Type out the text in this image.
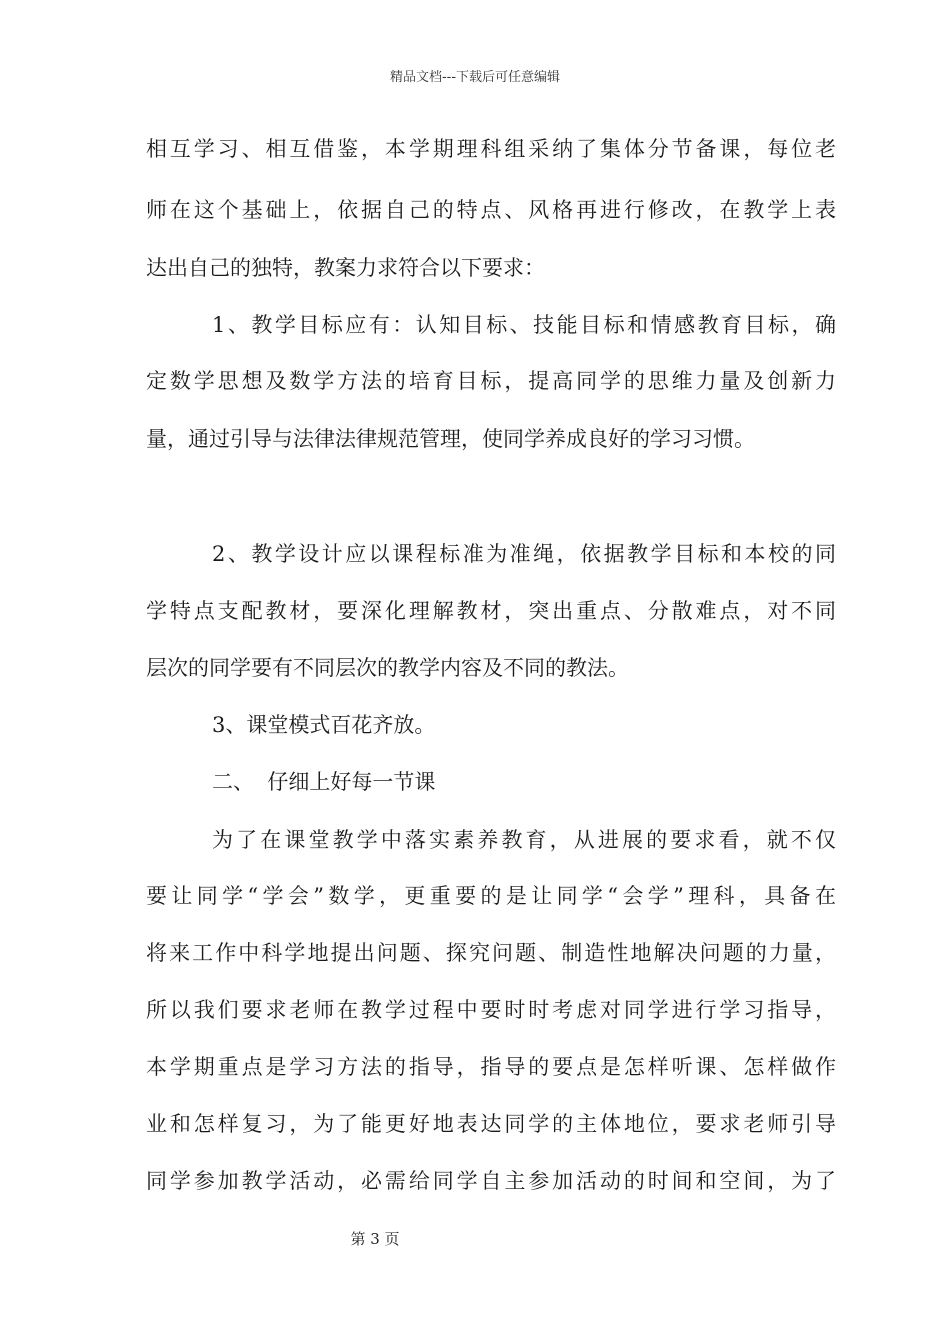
精品文档---下载后可任意编辑
相互学习、相互借鉴，本学期理科组采纳了集体分节备课，每位老
师在这个基础上，依据自己的特点、风格再进行修改，在教学上表
达出自己的独特，教案力求符合以下要求：
1、教学目标应有：认知目标、技能目标和情感教育目标，确
定数学思想及数学方法的培育目标，提高同学的思维力量及创新力
量，通过引导与法律法律规范管理，使同学养成良好的学习习惯。
2、教学设计应以课程标准为准绳，依据教学目标和本校的同
学特点支配教材，要深化理解教材，突出重点、分散难点，对不同
层次的同学要有不同层次的教学内容及不同的教法。
3、课堂模式百花齐放。
二、  仔细上好每一节课
为了在课堂教学中落实素养教育，从进展的要求看，就不仅
要让同学“学会”数学，更重要的是让同学“会学”理科，具备在
将来工作中科学地提出问题、探究问题、制造性地解决问题的力量，
所以我们要求老师在教学过程中要时时考虑对同学进行学习指导，
本学期重点是学习方法的指导，指导的要点是怎样听课、怎样做作
业和怎样复习，为了能更好地表达同学的主体地位，要求老师引导
同学参加教学活动，必需给同学自主参加活动的时间和空间，为了
第 3 页
